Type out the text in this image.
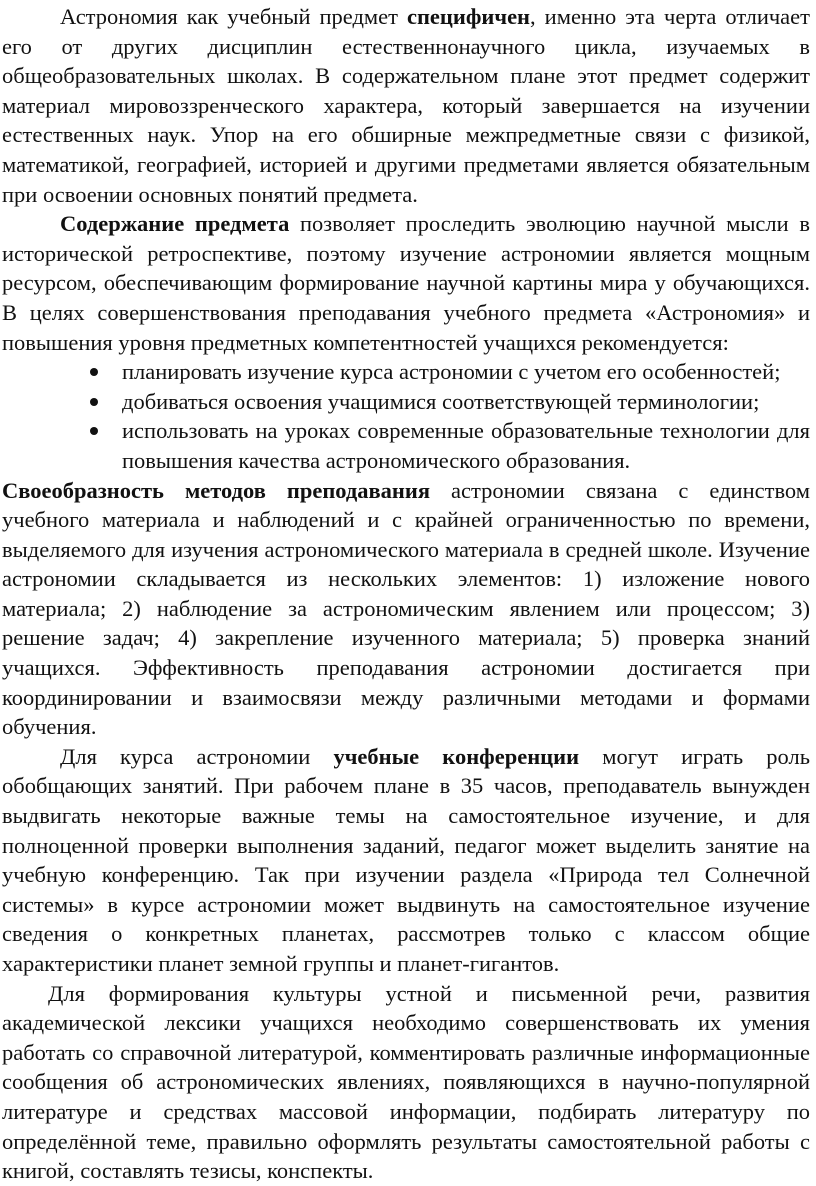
Астрономия как учебный предмет специфичен, именно эта черта отличает его от других дисциплин естественнонаучного цикла, изучаемых в общеобразовательных школах. В содержательном плане этот предмет содержит материал мировоззренческого характера, который завершается на изучении естественных наук. Упор на его обширные межпредметные связи с физикой, математикой, географией, историей и другими предметами является обязательным при освоении основных понятий предмета.

Содержание предмета позволяет проследить эволюцию научной мысли в исторической ретроспективе, поэтому изучение астрономии является мощным ресурсом, обеспечивающим формирование научной картины мира у обучающихся. В целях совершенствования преподавания учебного предмета «Астрономия» и повышения уровня предметных компетентностей учащихся рекомендуется:

планировать изучение курса астрономии с учетом его особенностей;
добиваться освоения учащимися соответствующей терминологии;
использовать на уроках современные образовательные технологии для повышения качества астрономического образования.

Своеобразность методов преподавания астрономии связана с единством учебного материала и наблюдений и с крайней ограниченностью по времени, выделяемого для изучения астрономического материала в средней школе. Изучение астрономии складывается из нескольких элементов: 1) изложение нового материала; 2) наблюдение за астрономическим явлением или процессом; 3) решение задач; 4) закрепление изученного материала; 5) проверка знаний учащихся. Эффективность преподавания астрономии достигается при координировании и взаимосвязи между различными методами и формами обучения.

Для курса астрономии учебные конференции могут играть роль обобщающих занятий. При рабочем плане в 35 часов, преподаватель вынужден выдвигать некоторые важные темы на самостоятельное изучение, и для полноценной проверки выполнения заданий, педагог может выделить занятие на учебную конференцию. Так при изучении раздела «Природа тел Солнечной системы» в курсе астрономии может выдвинуть на самостоятельное изучение сведения о конкретных планетах, рассмотрев только с классом общие характеристики планет земной группы и планет-гигантов.

Для формирования культуры устной и письменной речи, развития академической лексики учащихся необходимо совершенствовать их умения работать со справочной литературой, комментировать различные информационные сообщения об астрономических явлениях, появляющихся в научно-популярной литературе и средствах массовой информации, подбирать литературу по определённой теме, правильно оформлять результаты самостоятельной работы с книгой, составлять тезисы, конспекты.
